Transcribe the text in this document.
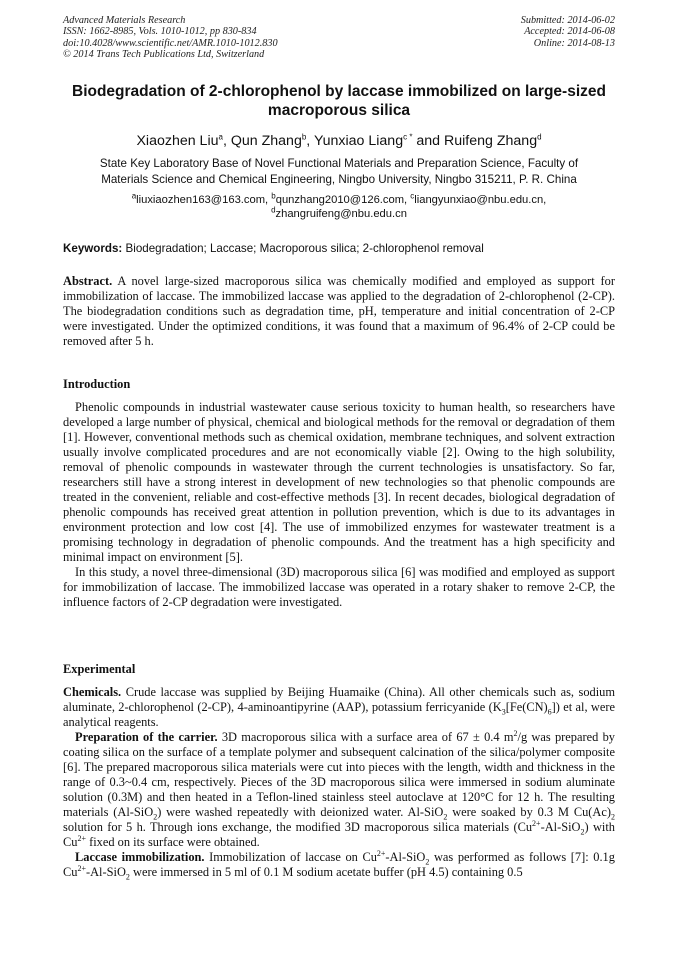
Advanced Materials Research
ISSN: 1662-8985, Vols. 1010-1012, pp 830-834
doi:10.4028/www.scientific.net/AMR.1010-1012.830
© 2014 Trans Tech Publications Ltd, Switzerland
Submitted: 2014-06-02
Accepted: 2014-06-08
Online: 2014-08-13
Biodegradation of 2-chlorophenol by laccase immobilized on large-sized
macroporous silica
Xiaozhen Liu$^a$, Qun Zhang$^b$, Yunxiao Liang$^{c *}$ and Ruifeng Zhang$^d$
State Key Laboratory Base of Novel Functional Materials and Preparation Science, Faculty of
Materials Science and Chemical Engineering, Ningbo University, Ningbo 315211, P. R. China
$^a$liuxiaozhen163@163.com, $^b$qunzhang2010@126.com, $^c$liangyunxiao@nbu.edu.cn,
$^d$zhangruifeng@nbu.edu.cn
Keywords: Biodegradation; Laccase; Macroporous silica; 2-chlorophenol removal

Abstract. A novel large-sized macroporous silica was chemically modified and employed as support for immobilization of laccase. The immobilized laccase was applied to the degradation of 2-chlorophenol (2-CP). The biodegradation conditions such as degradation time, pH, temperature and initial concentration of 2-CP were investigated. Under the optimized conditions, it was found that a maximum of 96.4% of 2-CP could be removed after 5 h.

Introduction

Phenolic compounds in industrial wastewater cause serious toxicity to human health, so researchers have developed a large number of physical, chemical and biological methods for the removal or degradation of them [1]. However, conventional methods such as chemical oxidation, membrane techniques, and solvent extraction usually involve complicated procedures and are not economically viable [2]. Owing to the high solubility, removal of phenolic compounds in wastewater through the current technologies is unsatisfactory. So far, researchers still have a strong interest in development of new technologies so that phenolic compounds are treated in the convenient, reliable and cost-effective methods [3]. In recent decades, biological degradation of phenolic compounds has received great attention in pollution prevention, which is due to its advantages in environment protection and low cost [4]. The use of immobilized enzymes for wastewater treatment is a promising technology in degradation of phenolic compounds. And the treatment has a high specificity and minimal impact on environment [5].

In this study, a novel three-dimensional (3D) macroporous silica [6] was modified and employed as support for immobilization of laccase. The immobilized laccase was operated in a rotary shaker to remove 2-CP, the influence factors of 2-CP degradation were investigated.

Experimental

Chemicals. Crude laccase was supplied by Beijing Huamaike (China). All other chemicals such as, sodium aluminate, 2-chlorophenol (2-CP), 4-aminoantipyrine (AAP), potassium ferricyanide $(K_3[Fe(CN)_6])$ et al, were analytical reagents.

Preparation of the carrier. 3D macroporous silica with a surface area of 67 ± 0.4 $m^2/g$ was prepared by coating silica on the surface of a template polymer and subsequent calcination of the silica/polymer composite [6]. The prepared macroporous silica materials were cut into pieces with the length, width and thickness in the range of 0.3~0.4 cm, respectively. Pieces of the 3D macroporous silica were immersed in sodium aluminate solution (0.3M) and then heated in a Teflon-lined stainless steel autoclave at 120°C for 12 h. The resulting materials (Al-SiO$_2$) were washed repeatedly with deionized water. Al-SiO$_2$ were soaked by 0.3 M $Cu(Ac)_2$ solution for 5 h. Through ions exchange, the modified 3D macroporous silica materials $(Cu^{2+}-Al-SiO_2)$ with $Cu^{2+}$ fixed on its surface were obtained.

Laccase immobilization. Immobilization of laccase on $Cu^{2+}-Al-SiO_2$ was performed as follows [7]: 0.1g $Cu^{2+}-Al-SiO_2$ were immersed in 5 ml of 0.1 M sodium acetate buffer (pH 4.5) containing 0.5
